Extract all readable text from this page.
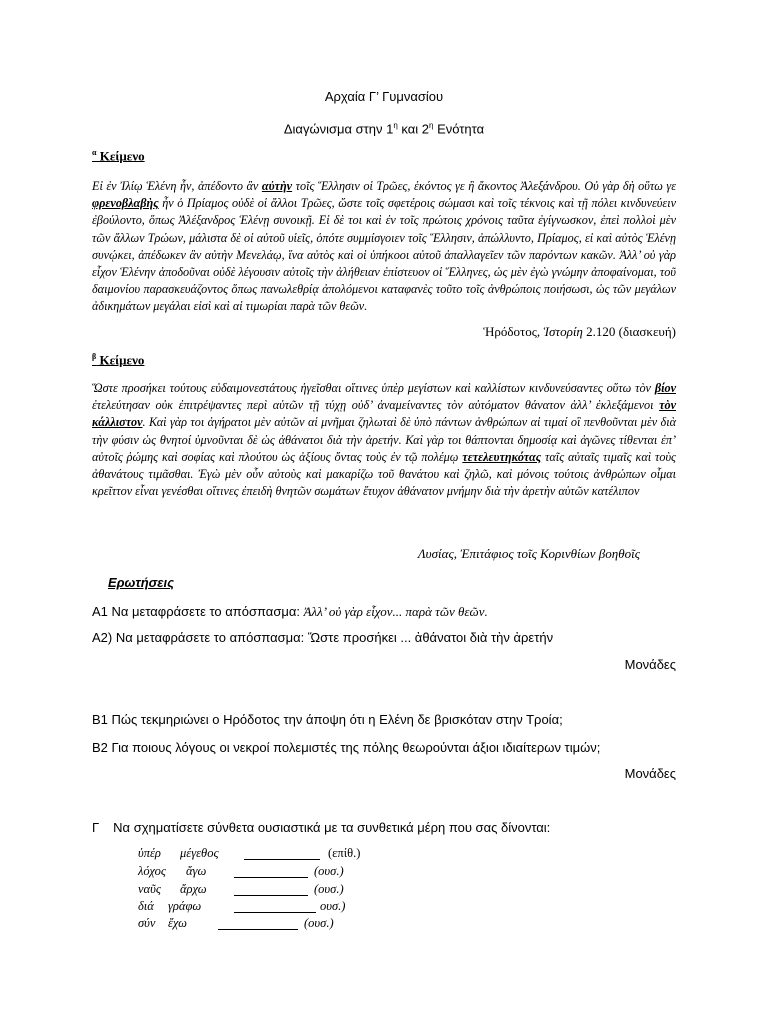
Αρχαία Γ’ Γυμνασίου
Διαγώνισμα στην $1^\eta$ και $2^\eta$ Ενότητα
$^\alpha$ Κείμενο
Εἰ ἐν Ἰλίῳ Ἑλένη ἦν, ἀπέδοντο ἂν αὐτὴν τοῖς Ἕλλησιν οἱ Τρῶες, ἑκόντος γε ἢ ἄκοντος Ἀλεξάνδρου. Οὐ γὰρ δὴ οὕτω γε φρενοβλαβὴς ἦν ὁ Πρίαμος οὐδὲ οἱ ἄλλοι Τρῶες, ὥστε τοῖς σφετέροις σώμασι καὶ τοῖς τέκνοις καὶ τῇ πόλει κινδυνεύειν ἐβούλοντο, ὅπως Ἀλέξανδρος Ἑλένῃ συνοικῇ. Εἰ δὲ τοι καὶ ἐν τοῖς πρώτοις χρόνοις ταῦτα ἐγίγνωσκον, ἐπεὶ πολλοὶ μὲν τῶν ἄλλων Τρώων, μάλιστα δὲ οἱ αὐτοῦ υἱεῖς, ὁπότε συμμίσγοιεν τοῖς Ἕλλησιν, ἀπώλλυντο, Πρίαμος, εἰ καὶ αὐτὸς Ἑλένῃ συνῴκει, ἀπέδωκεν ἂν αὐτὴν Μενελάῳ, ἵνα αὐτὸς καὶ οἱ ὑπήκοοι αὐτοῦ ἀπαλλαγεῖεν τῶν παρόντων κακῶν. Ἀλλ’ οὐ γὰρ εἶχον Ἑλένην ἀποδοῦναι οὐδὲ λέγουσιν αὐτοῖς τὴν ἀλήθειαν ἐπίστευον οἱ Ἕλληνες, ὡς μὲν ἐγὼ γνώμην ἀποφαίνομαι, τοῦ δαιμονίου παρασκευάζοντος ὅπως πανωλεθρίᾳ ἀπολόμενοι καταφανὲς τοῦτο τοῖς ἀνθρώποις ποιήσωσι, ὡς τῶν μεγάλων ἀδικημάτων μεγάλαι εἰσὶ καὶ αἱ τιμωρίαι παρὰ τῶν θεῶν.
Ἡρόδοτος, Ἱστορίη 2.120 (διασκευή)
$^\beta$ Κείμενο
Ὥστε προσήκει τούτους εὐδαιμονεστάτους ἡγεῖσθαι οἵτινες ὑπὲρ μεγίστων καὶ καλλίστων κινδυνεύσαντες οὕτω τὸν βίον ἐτελεύτησαν οὐκ ἐπιτρέψαντες περὶ αὑτῶν τῇ τύχῃ οὐδ’ ἀναμείναντες τὸν αὐτόματον θάνατον ἀλλ’ ἐκλεξάμενοι τὸν κάλλιστον. Καὶ γὰρ τοι ἀγήρατοι μὲν αὐτῶν αἱ μνῆμαι ζηλωταὶ δὲ ὑπὸ πάντων ἀνθρώπων αἱ τιμαί οἳ πενθοῦνται μὲν διὰ τὴν φύσιν ὡς θνητοί ὑμνοῦνται δὲ ὡς ἀθάνατοι διὰ τὴν ἀρετήν. Καὶ γὰρ τοι θάπτονται δημοσίᾳ καὶ ἀγῶνες τίθενται ἐπ’ αὐτοῖς ῥώμης καὶ σοφίας καὶ πλούτου ὡς ἀξίους ὄντας τοὺς ἐν τῷ πολέμῳ τετελευτηκότας ταῖς αὐταῖς τιμαῖς καὶ τοὺς ἀθανάτους τιμᾶσθαι. Ἐγὼ μὲν οὖν αὐτοὺς καὶ μακαρίζω τοῦ θανάτου καὶ ζηλῶ, καὶ μόνοις τούτοις ἀνθρώπων οἶμαι κρεῖττον εἶναι γενέσθαι οἵτινες ἐπειδὴ θνητῶν σωμάτων ἔτυχον ἀθάνατον μνήμην διὰ τὴν ἀρετὴν αὑτῶν κατέλιπον
Λυσίας, Ἐπιτάφιος τοῖς Κορινθίων βοηθοῖς
Ερωτήσεις
Α1 Να μεταφράσετε το απόσπασμα: Ἀλλ’ οὐ γὰρ εἶχον... παρὰ τῶν θεῶν.
Α2) Να μεταφράσετε το απόσπασμα: Ὥστε προσήκει ... ἀθάνατοι διὰ τὴν ἀρετήν
Μονάδες
Β1 Πώς τεκμηριώνει ο Ηρόδοτος την άποψη ότι η Ελένη δε βρισκόταν στην Τροία;
Β2 Για ποιους λόγους οι νεκροί πολεμιστές της πόλης θεωρούνται άξιοι ιδιαίτερων τιμών;
Μονάδες
Γ Να σχηματίσετε σύνθετα ουσιαστικά με τα συνθετικά μέρη που σας δίνονται:
ὑπέρ μέγεθος	(επίθ.)
λόχος ἄγω	(ουσ.)
ναῦς ἄρχω	(ουσ.)
διά γράφω	ουσ.)
σύν ἔχω	(ουσ.)
